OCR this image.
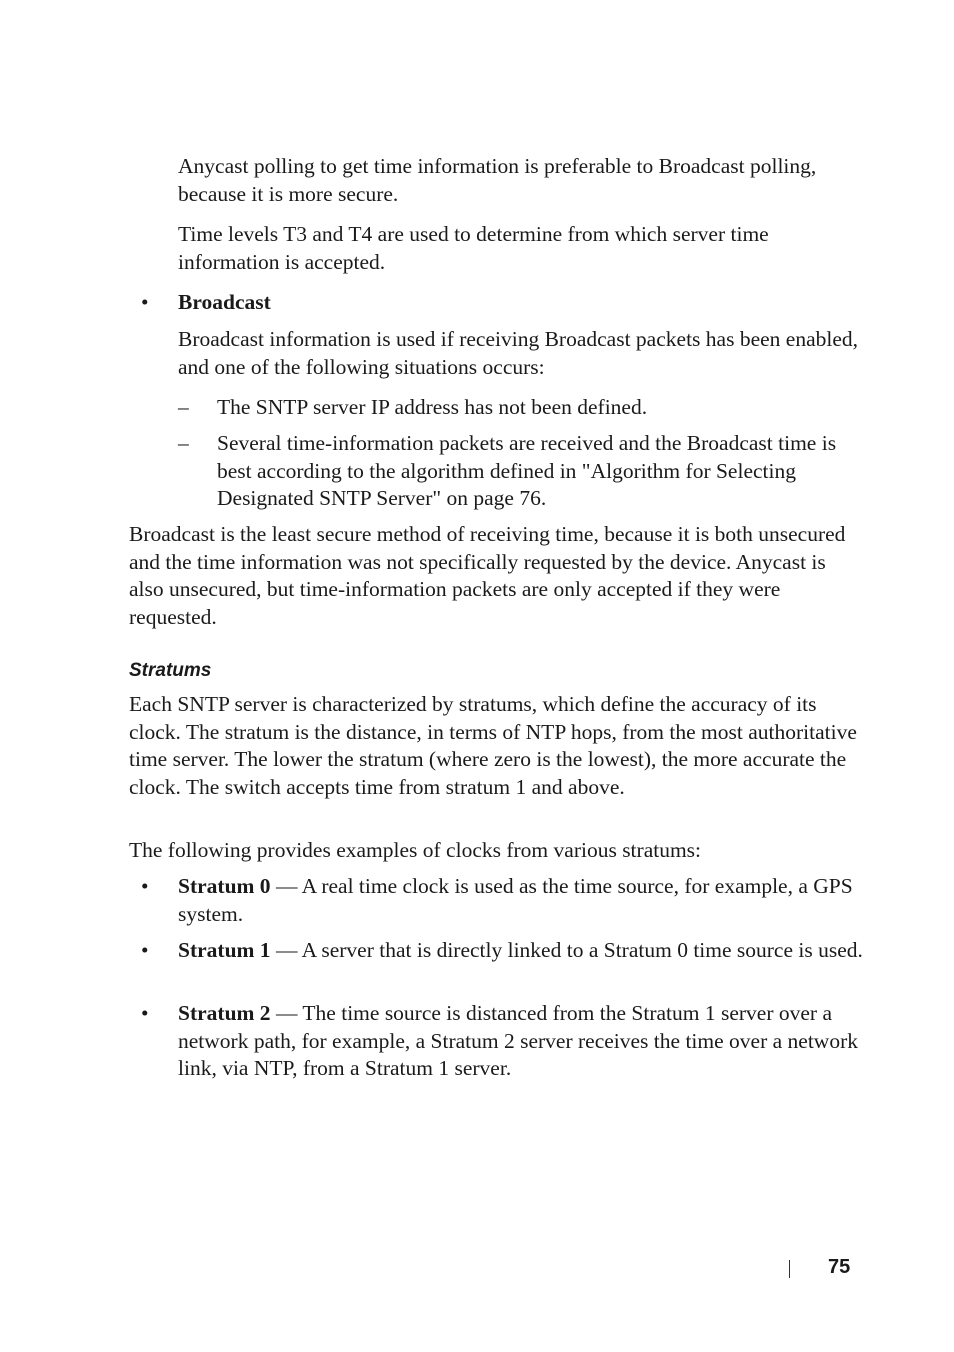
Anycast polling to get time information is preferable to Broadcast polling, because it is more secure.

Time levels T3 and T4 are used to determine from which server time information is accepted.

• Broadcast

Broadcast information is used if receiving Broadcast packets has been enabled, and one of the following situations occurs:

– The SNTP server IP address has not been defined.

– Several time-information packets are received and the Broadcast time is best according to the algorithm defined in "Algorithm for Selecting Designated SNTP Server" on page 76.

Broadcast is the least secure method of receiving time, because it is both unsecured and the time information was not specifically requested by the device. Anycast is also unsecured, but time-information packets are only accepted if they were requested.

Stratums

Each SNTP server is characterized by stratums, which define the accuracy of its clock. The stratum is the distance, in terms of NTP hops, from the most authoritative time server. The lower the stratum (where zero is the lowest), the more accurate the clock. The switch accepts time from stratum 1 and above.

The following provides examples of clocks from various stratums:

• Stratum 0 — A real time clock is used as the time source, for example, a GPS system.

• Stratum 1 — A server that is directly linked to a Stratum 0 time source is used.

• Stratum 2 — The time source is distanced from the Stratum 1 server over a network path, for example, a Stratum 2 server receives the time over a network link, via NTP, from a Stratum 1 server.

75
